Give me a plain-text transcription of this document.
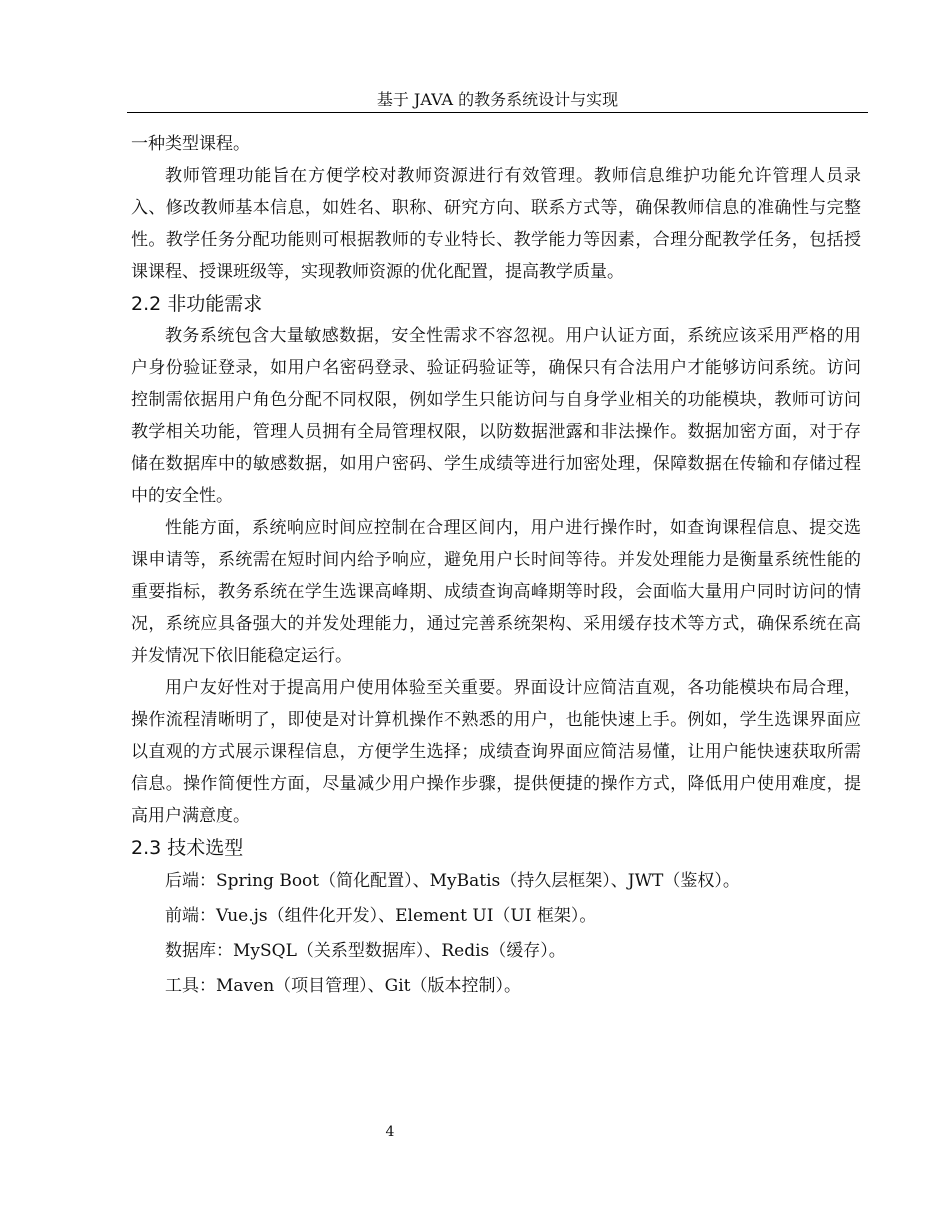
基于 JAVA 的教务系统设计与实现

一种类型课程。

教师管理功能旨在方便学校对教师资源进行有效管理。教师信息维护功能允许管理人员录入、修改教师基本信息，如姓名、职称、研究方向、联系方式等，确保教师信息的准确性与完整性。教学任务分配功能则可根据教师的专业特长、教学能力等因素，合理分配教学任务，包括授课课程、授课班级等，实现教师资源的优化配置，提高教学质量。

2.2 非功能需求

教务系统包含大量敏感数据，安全性需求不容忽视。用户认证方面，系统应该采用严格的用户身份验证登录，如用户名密码登录、验证码验证等，确保只有合法用户才能够访问系统。访问控制需依据用户角色分配不同权限，例如学生只能访问与自身学业相关的功能模块，教师可访问教学相关功能，管理人员拥有全局管理权限，以防数据泄露和非法操作。数据加密方面，对于存储在数据库中的敏感数据，如用户密码、学生成绩等进行加密处理，保障数据在传输和存储过程中的安全性。

性能方面，系统响应时间应控制在合理区间内，用户进行操作时，如查询课程信息、提交选课申请等，系统需在短时间内给予响应，避免用户长时间等待。并发处理能力是衡量系统性能的重要指标，教务系统在学生选课高峰期、成绩查询高峰期等时段，会面临大量用户同时访问的情况，系统应具备强大的并发处理能力，通过完善系统架构、采用缓存技术等方式，确保系统在高并发情况下依旧能稳定运行。

用户友好性对于提高用户使用体验至关重要。界面设计应简洁直观，各功能模块布局合理，操作流程清晰明了，即使是对计算机操作不熟悉的用户，也能快速上手。例如，学生选课界面应以直观的方式展示课程信息，方便学生选择；成绩查询界面应简洁易懂，让用户能快速获取所需信息。操作简便性方面，尽量减少用户操作步骤，提供便捷的操作方式，降低用户使用难度，提高用户满意度。

2.3 技术选型

后端：Spring Boot（简化配置）、MyBatis（持久层框架）、JWT（鉴权）。

前端：Vue.js（组件化开发）、Element UI（UI 框架）。

数据库：MySQL（关系型数据库）、Redis（缓存）。

工具：Maven（项目管理）、Git（版本控制）。

4
